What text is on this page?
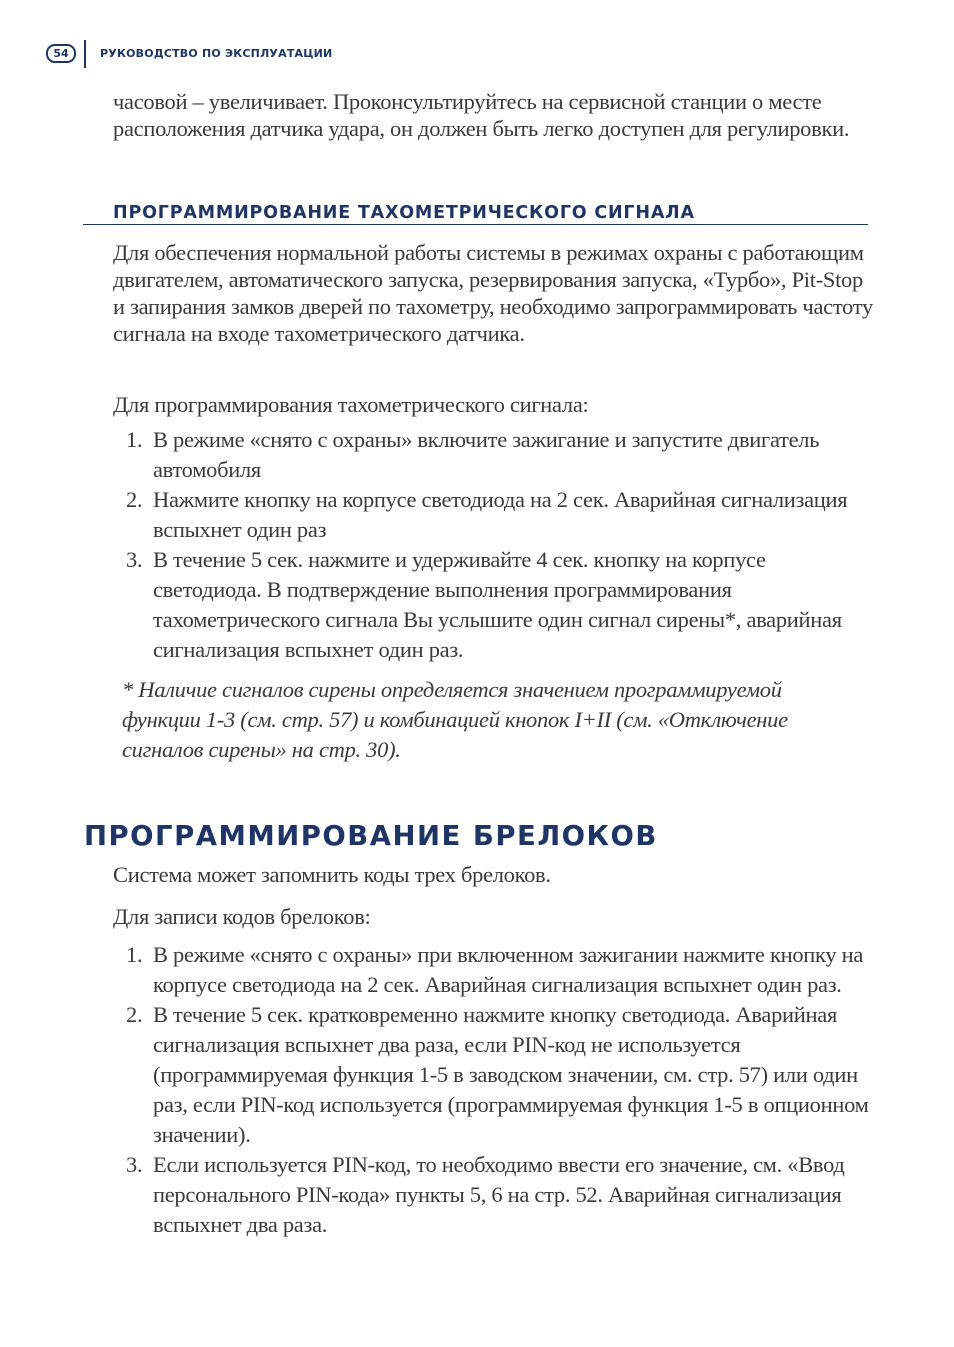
54	РУКОВОДСТВО ПО ЭКСПЛУАТАЦИИ

часовой – увеличивает. Проконсультируйтесь на сервисной станции о месте расположения датчика удара, он должен быть легко доступен для регулировки.

ПРОГРАММИРОВАНИЕ ТАХОМЕТРИЧЕСКОГО СИГНАЛА

Для обеспечения нормальной работы системы в режимах охраны с работающим двигателем, автоматического запуска, резервирования запуска, «Турбо», Pit-Stop и запирания замков дверей по тахометру, необходимо запрограммировать частоту сигнала на входе тахометрического датчика.

Для программирования тахометрического сигнала:

1. В режиме «снято с охраны» включите зажигание и запустите двигатель автомобиля
2. Нажмите кнопку на корпусе светодиода на 2 сек. Аварийная сигнализация вспыхнет один раз
3. В течение 5 сек. нажмите и удерживайте 4 сек. кнопку на корпусе светодиода. В подтверждение выполнения программирования тахометрического сигнала Вы услышите один сигнал сирены*, аварийная сигнализация вспыхнет один раз.

* Наличие сигналов сирены определяется значением программируемой функции 1-3 (см. стр. 57) и комбинацией кнопок I+II (см. «Отключение сигналов сирены» на стр. 30).

ПРОГРАММИРОВАНИЕ БРЕЛОКОВ

Система может запомнить коды трех брелоков.

Для записи кодов брелоков:

1. В режиме «снято с охраны» при включенном зажигании нажмите кнопку на корпусе светодиода на 2 сек. Аварийная сигнализация вспыхнет один раз.
2. В течение 5 сек. кратковременно нажмите кнопку светодиода. Аварийная сигнализация вспыхнет два раза, если PIN-код не используется (программируемая функция 1-5 в заводском значении, см. стр. 57) или один раз, если PIN-код используется (программируемая функция 1-5 в опционном значении).
3. Если используется PIN-код, то необходимо ввести его значение, см. «Ввод персонального PIN-кода» пункты 5, 6 на стр. 52. Аварийная сигнализация вспыхнет два раза.
